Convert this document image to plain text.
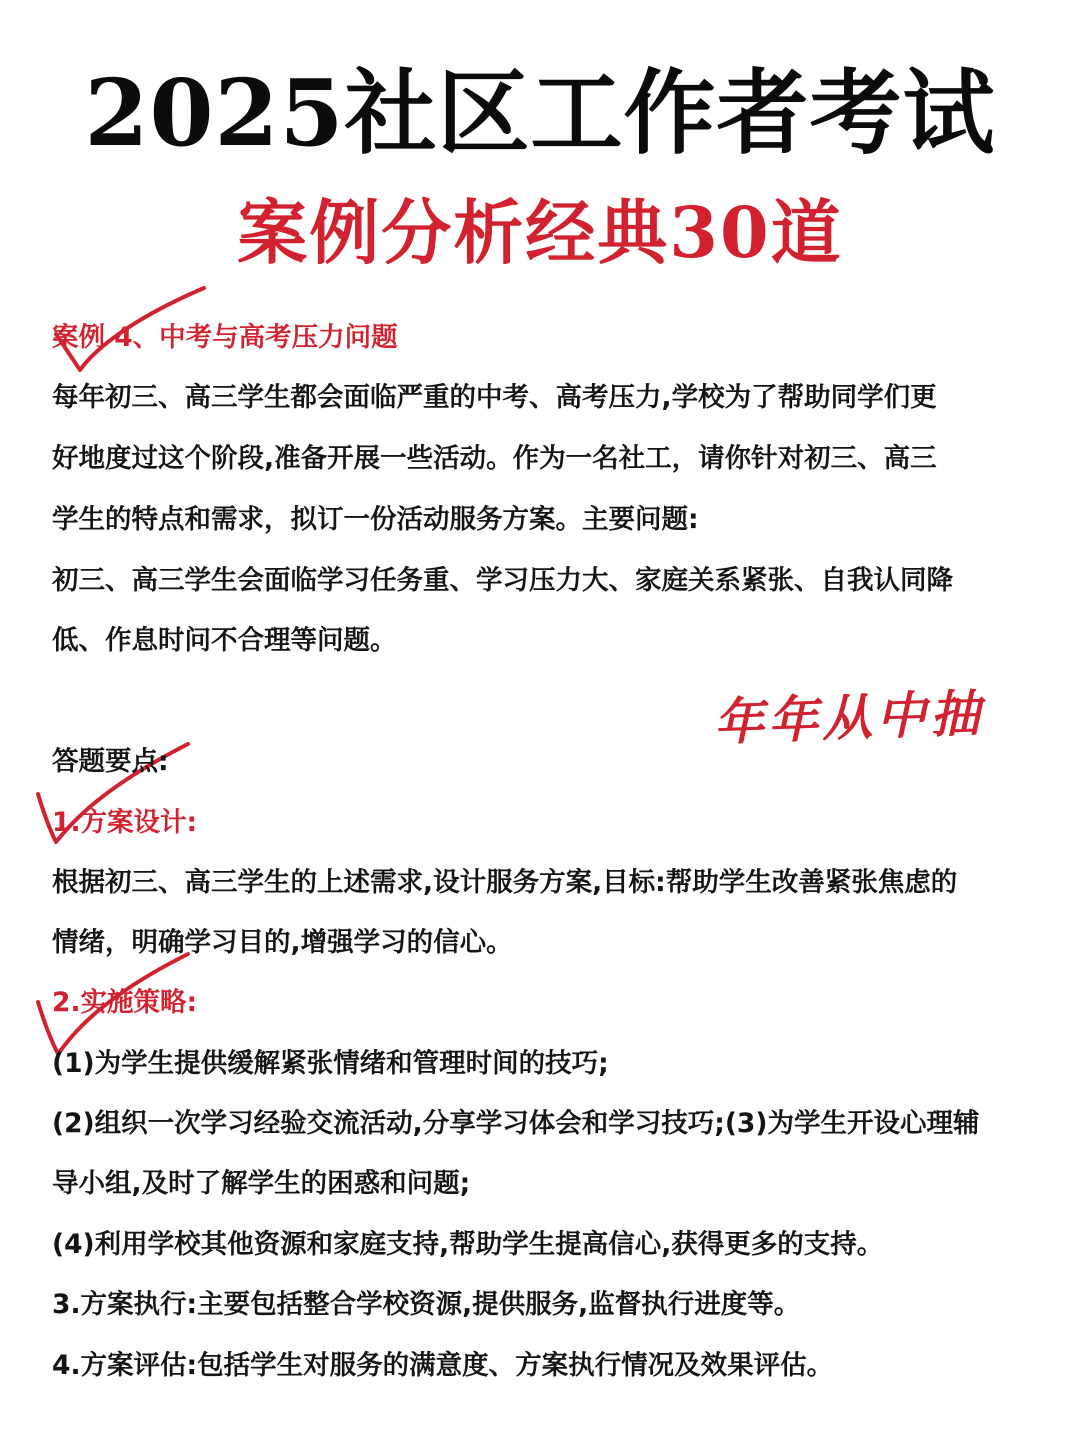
2025社区工作者考试
案例分析经典30道
案例 4、中考与高考压力问题
每年初三、高三学生都会面临严重的中考、高考压力,学校为了帮助同学们更
好地度过这个阶段,准备开展一些活动。作为一名社工，请你针对初三、高三
学生的特点和需求，拟订一份活动服务方案。主要问题:
初三、高三学生会面临学习任务重、学习压力大、家庭关系紧张、自我认同降
低、作息时问不合理等问题。
年年从中抽
答题要点:
1.方案设计:
根据初三、高三学生的上述需求,设计服务方案,目标:帮助学生改善紧张焦虑的
情绪，明确学习目的,增强学习的信心。
2.实施策略:
(1)为学生提供缓解紧张情绪和管理时间的技巧;
(2)组织一次学习经验交流活动,分享学习体会和学习技巧;(3)为学生开设心理辅
导小组,及时了解学生的困惑和问题;
(4)利用学校其他资源和家庭支持,帮助学生提高信心,获得更多的支持。
3.方案执行:主要包括整合学校资源,提供服务,监督执行进度等。
4.方案评估:包括学生对服务的满意度、方案执行情况及效果评估。
